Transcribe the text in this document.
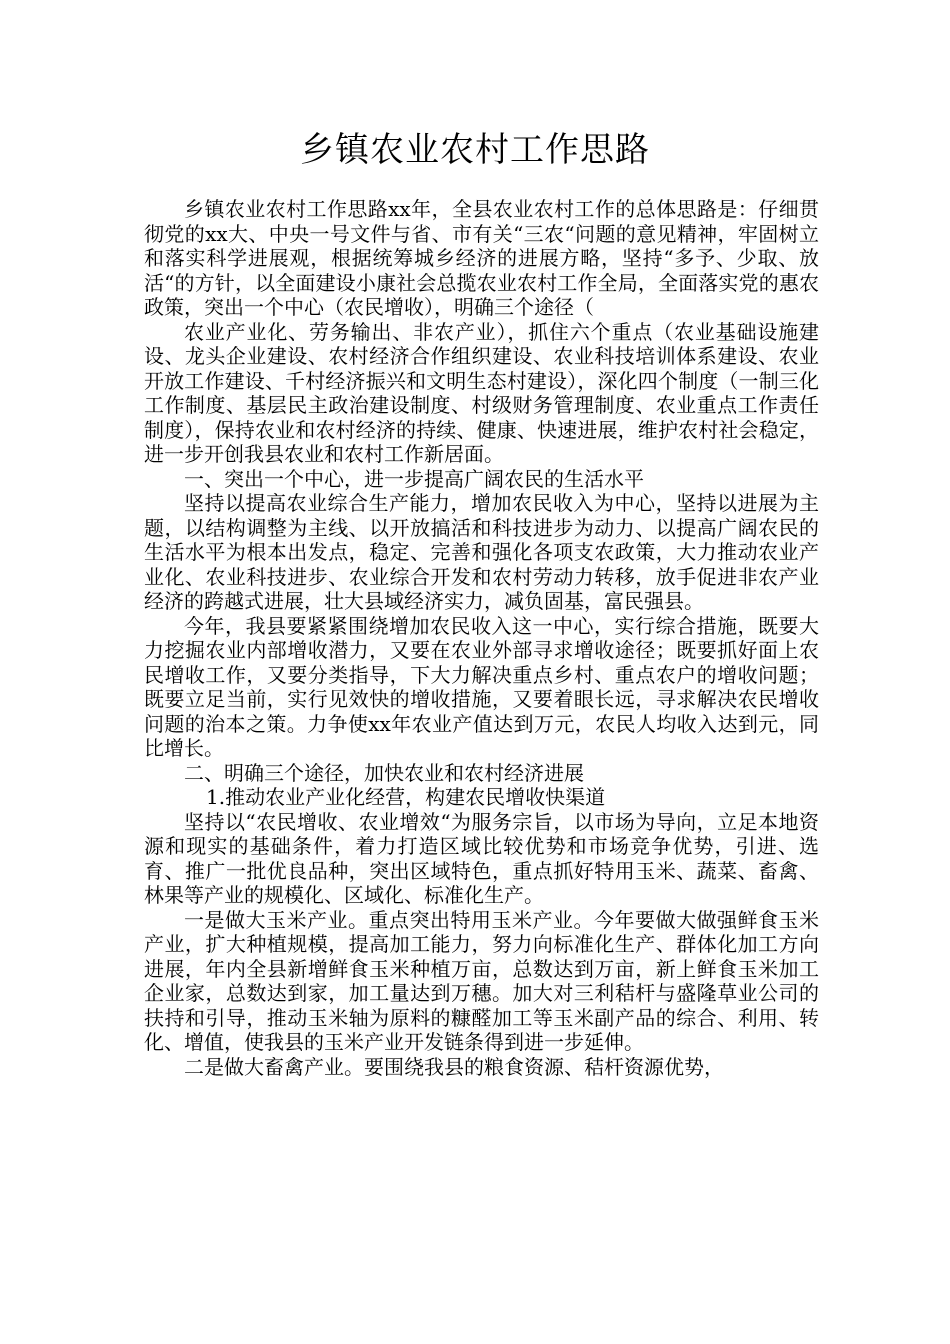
乡镇农业农村工作思路

乡镇农业农村工作思路xx年，全县农业农村工作的总体思路是：仔细贯彻党的xx大、中央一号文件与省、市有关“三农“问题的意见精神，牢固树立和落实科学进展观，根据统筹城乡经济的进展方略，坚持“多予、少取、放活“的方针，以全面建设小康社会总揽农业农村工作全局，全面落实党的惠农政策，突出一个中心（农民增收），明确三个途径（

农业产业化、劳务输出、非农产业），抓住六个重点（农业基础设施建设、龙头企业建设、农村经济合作组织建设、农业科技培训体系建设、农业开放工作建设、千村经济振兴和文明生态村建设），深化四个制度（一制三化工作制度、基层民主政治建设制度、村级财务管理制度、农业重点工作责任制度），保持农业和农村经济的持续、健康、快速进展，维护农村社会稳定，进一步开创我县农业和农村工作新居面。

一、突出一个中心，进一步提高广阔农民的生活水平

坚持以提高农业综合生产能力，增加农民收入为中心，坚持以进展为主题，以结构调整为主线、以开放搞活和科技进步为动力、以提高广阔农民的生活水平为根本出发点，稳定、完善和强化各项支农政策，大力推动农业产业化、农业科技进步、农业综合开发和农村劳动力转移，放手促进非农产业经济的跨越式进展，壮大县域经济实力，减负固基，富民强县。

今年，我县要紧紧围绕增加农民收入这一中心，实行综合措施，既要大力挖掘农业内部增收潜力，又要在农业外部寻求增收途径；既要抓好面上农民增收工作，又要分类指导，下大力解决重点乡村、重点农户的增收问题；既要立足当前，实行见效快的增收措施，又要着眼长远，寻求解决农民增收问题的治本之策。力争使xx年农业产值达到万元，农民人均收入达到元，同比增长。

二、明确三个途径，加快农业和农村经济进展

1.推动农业产业化经营，构建农民增收快渠道

坚持以“农民增收、农业增效“为服务宗旨，以市场为导向，立足本地资源和现实的基础条件，着力打造区域比较优势和市场竞争优势，引进、选育、推广一批优良品种，突出区域特色，重点抓好特用玉米、蔬菜、畜禽、林果等产业的规模化、区域化、标准化生产。

一是做大玉米产业。重点突出特用玉米产业。今年要做大做强鲜食玉米产业，扩大种植规模，提高加工能力，努力向标准化生产、群体化加工方向进展，年内全县新增鲜食玉米种植万亩，总数达到万亩，新上鲜食玉米加工企业家，总数达到家，加工量达到万穗。加大对三利秸杆与盛隆草业公司的扶持和引导，推动玉米轴为原料的糠醛加工等玉米副产品的综合、利用、转化、增值，使我县的玉米产业开发链条得到进一步延伸。

二是做大畜禽产业。要围绕我县的粮食资源、秸杆资源优势，
